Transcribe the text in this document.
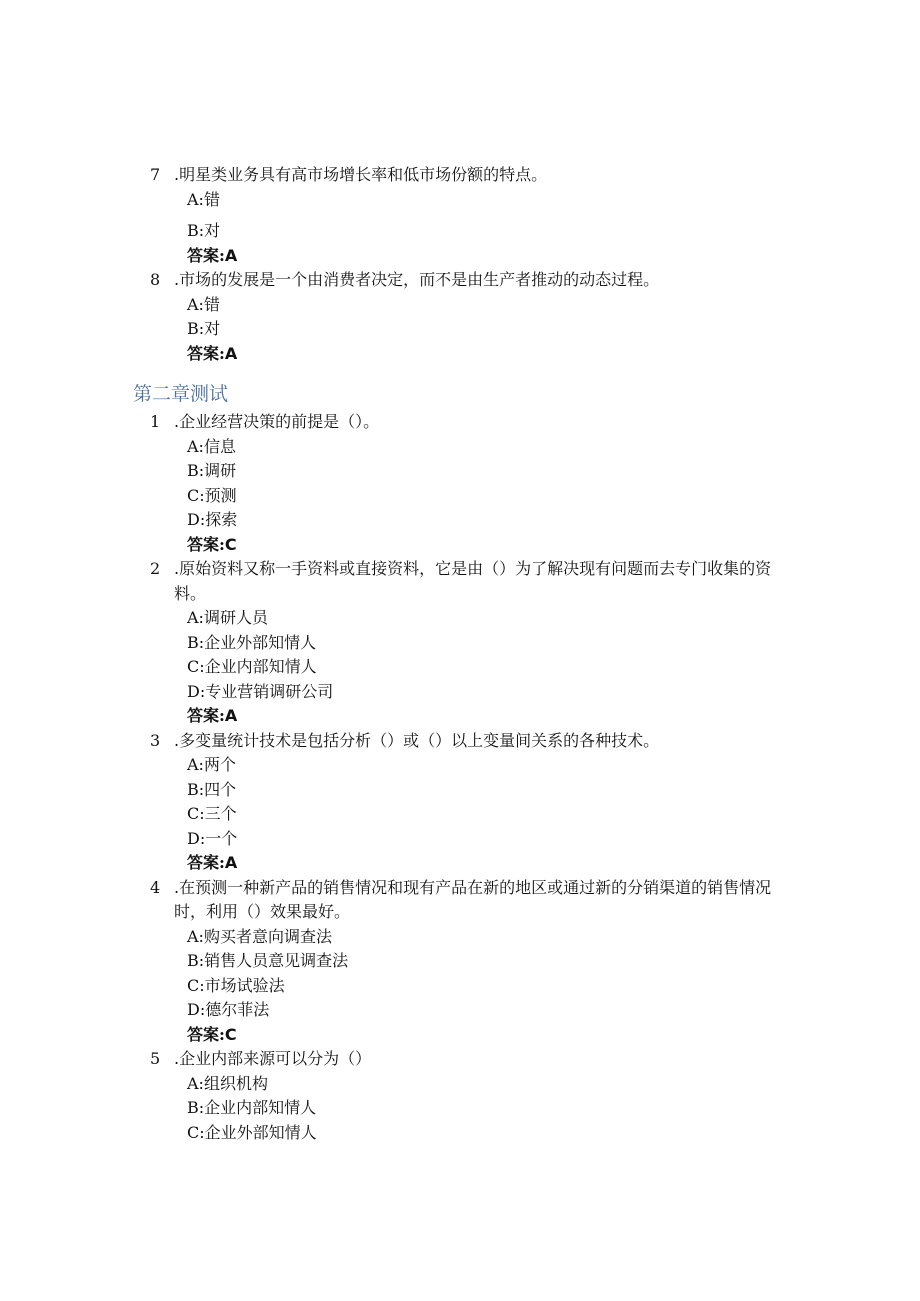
7 .明星类业务具有高市场增长率和低市场份额的特点。
A:错
B:对
答案:A
8 .市场的发展是一个由消费者决定，而不是由生产者推动的动态过程。
A:错
B:对
答案:A
第二章测试
1 .企业经营决策的前提是（）。
A:信息
B:调研
C:预测
D:探索
答案:C
2 .原始资料又称一手资料或直接资料，它是由（）为了解决现有问题而去专门收集的资料。
A:调研人员
B:企业外部知情人
C:企业内部知情人
D:专业营销调研公司
答案:A
3 .多变量统计技术是包括分析（）或（）以上变量间关系的各种技术。
A:两个
B:四个
C:三个
D:一个
答案:A
4 .在预测一种新产品的销售情况和现有产品在新的地区或通过新的分销渠道的销售情况时，利用（）效果最好。
A:购买者意向调查法
B:销售人员意见调查法
C:市场试验法
D:德尔菲法
答案:C
5 .企业内部来源可以分为（）
A:组织机构
B:企业内部知情人
C:企业外部知情人
